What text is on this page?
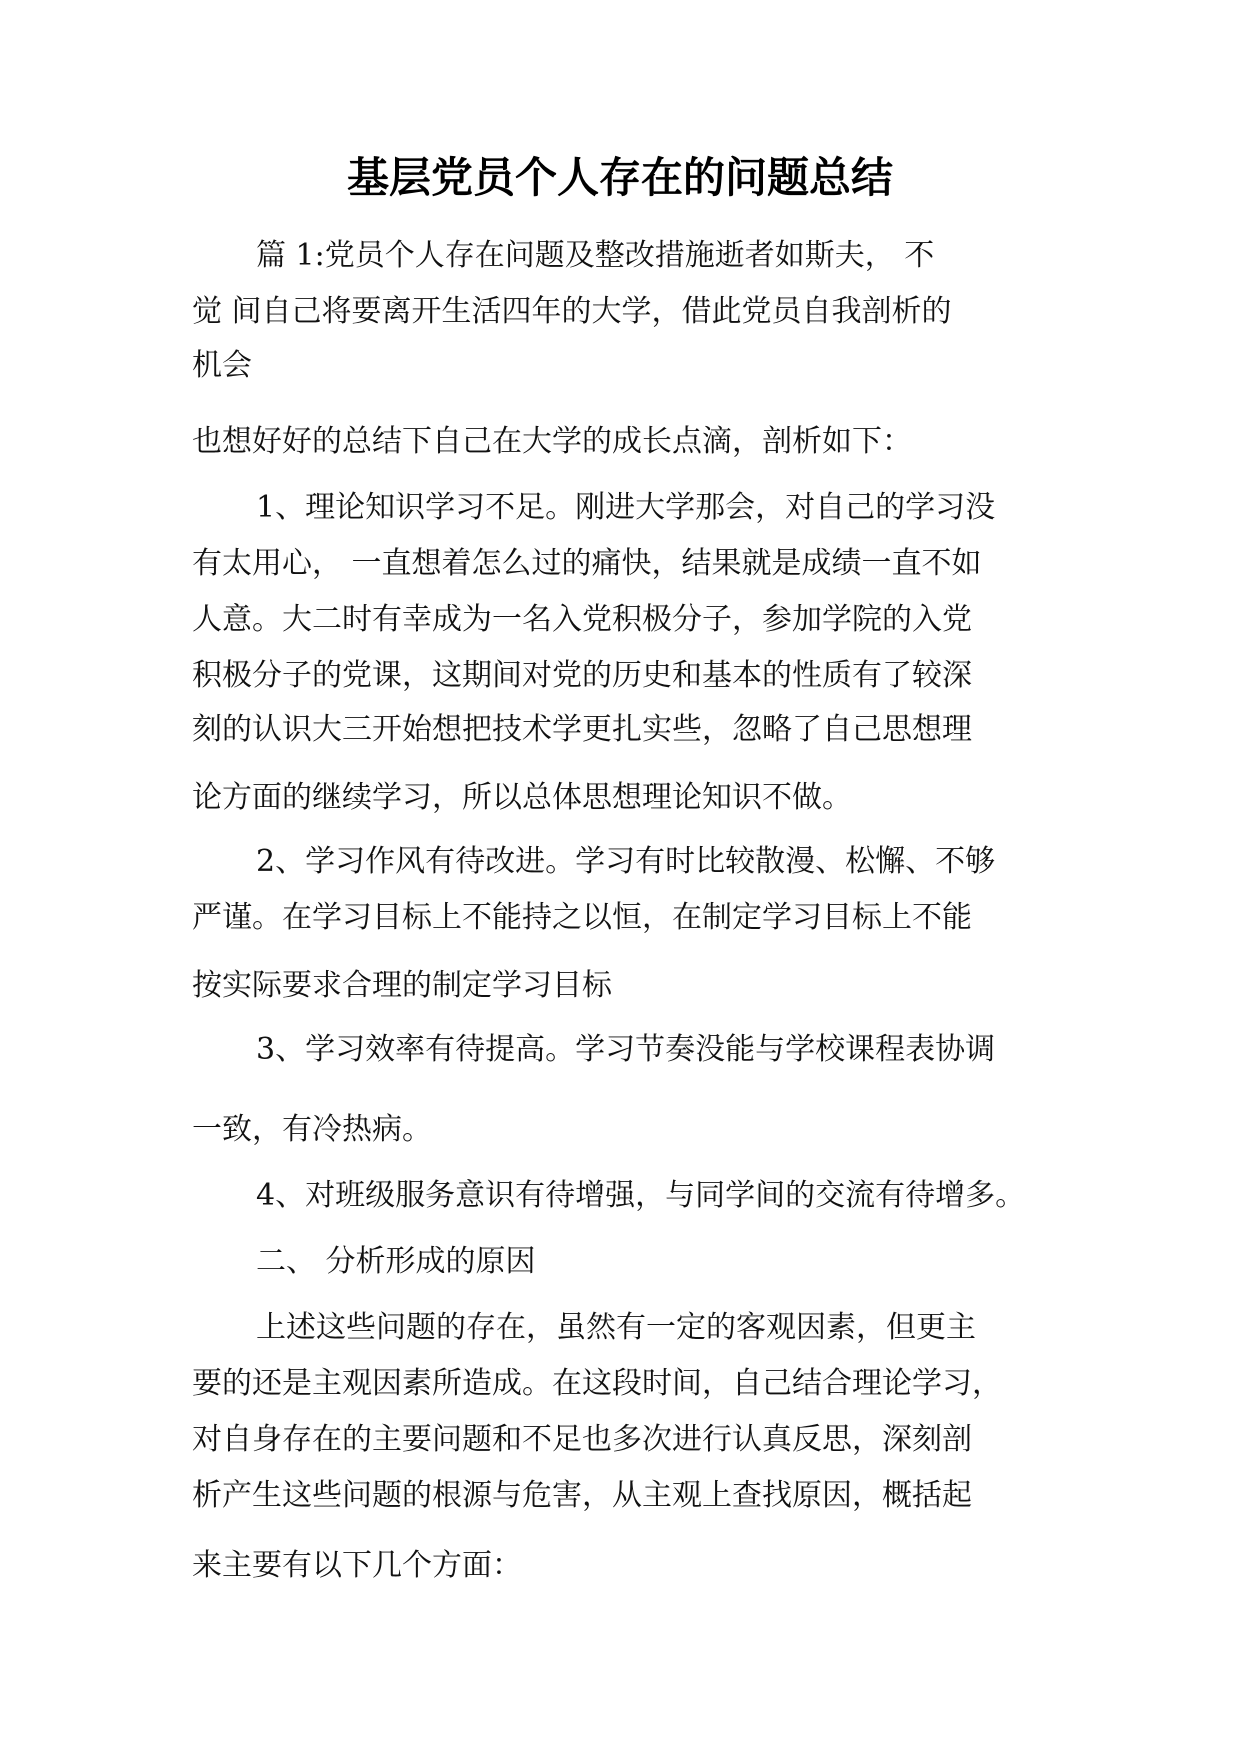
基层党员个人存在的问题总结
篇 1:党员个人存在问题及整改措施逝者如斯夫， 不
觉 间自己将要离开生活四年的大学，借此党员自我剖析的
机会
也想好好的总结下自己在大学的成长点滴，剖析如下：
1、理论知识学习不足。刚进大学那会，对自己的学习没
有太用心， 一直想着怎么过的痛快，结果就是成绩一直不如
人意。大二时有幸成为一名入党积极分子，参加学院的入党
积极分子的党课，这期间对党的历史和基本的性质有了较深
刻的认识大三开始想把技术学更扎实些，忽略了自己思想理
论方面的继续学习，所以总体思想理论知识不做。
2、学习作风有待改进。学习有时比较散漫、松懈、不够
严谨。在学习目标上不能持之以恒，在制定学习目标上不能
按实际要求合理的制定学习目标
3、学习效率有待提高。学习节奏没能与学校课程表协调
一致，有冷热病。
4、对班级服务意识有待增强，与同学间的交流有待增多。
二、 分析形成的原因
上述这些问题的存在，虽然有一定的客观因素，但更主
要的还是主观因素所造成。在这段时间，自己结合理论学习，
对自身存在的主要问题和不足也多次进行认真反思，深刻剖
析产生这些问题的根源与危害，从主观上查找原因，概括起
来主要有以下几个方面：
